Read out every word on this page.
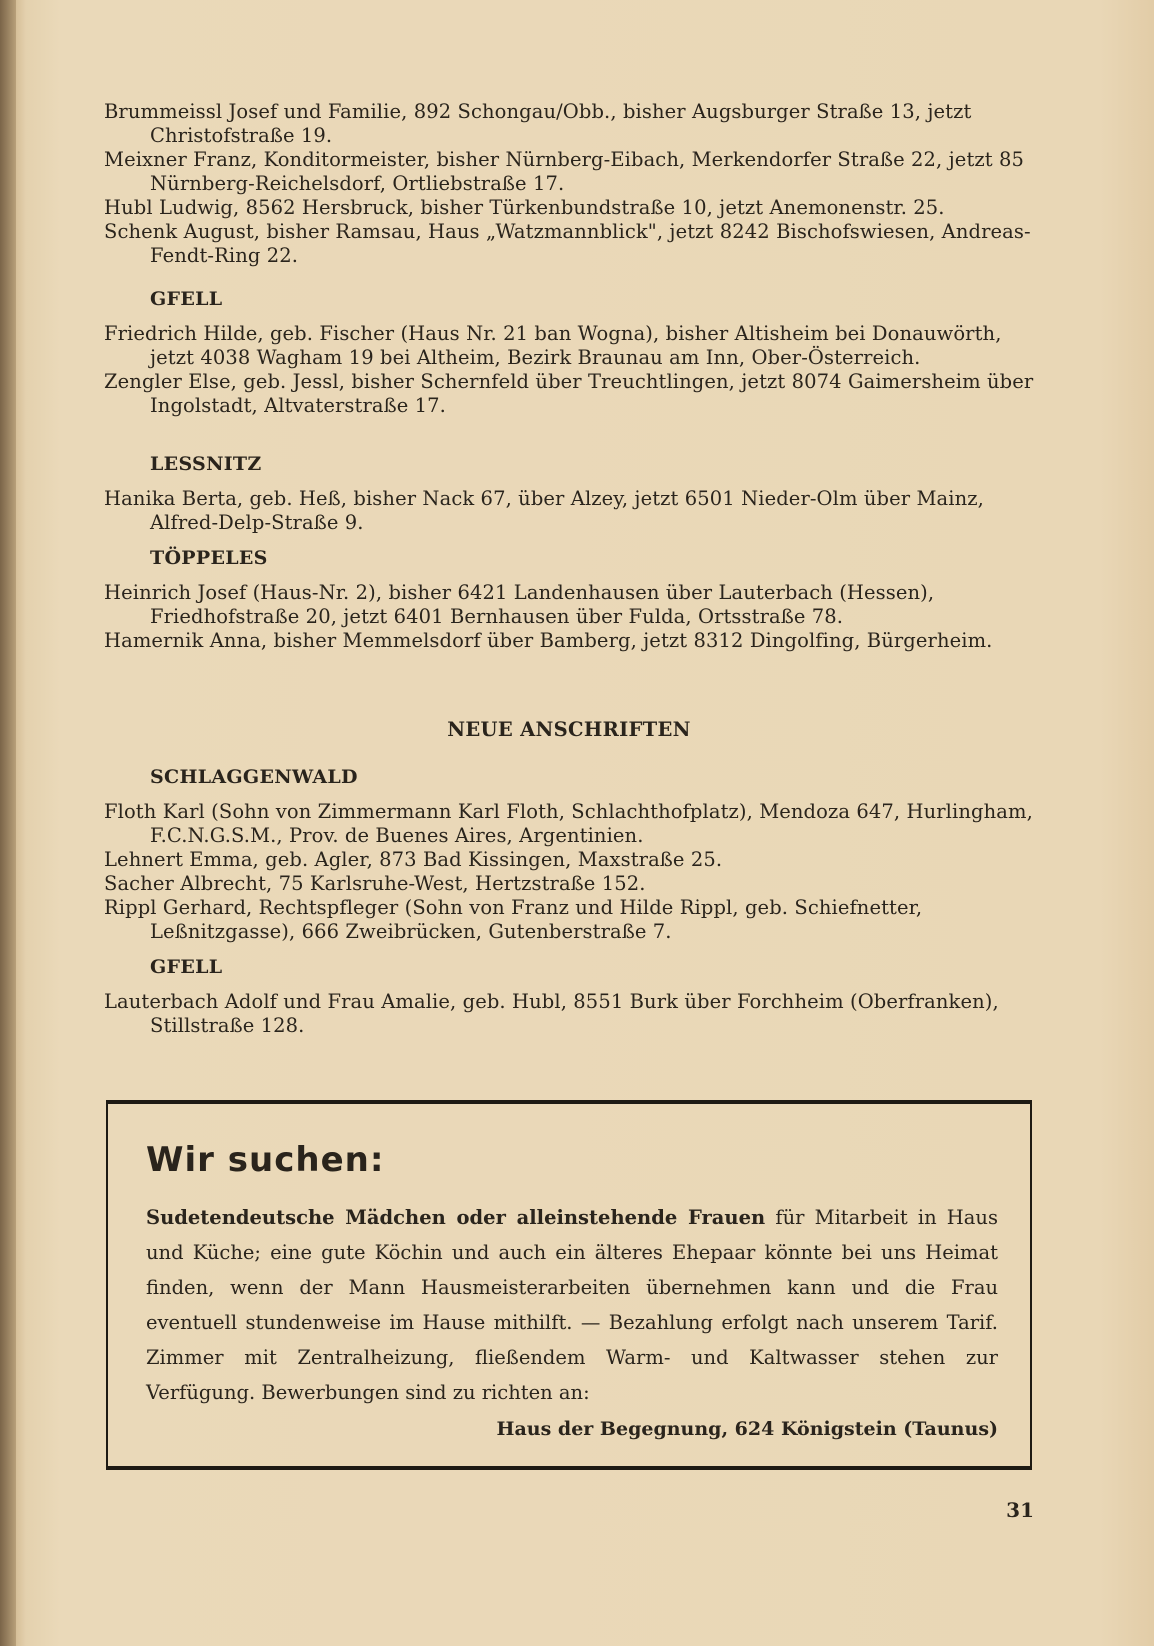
Brummeissl Josef und Familie, 892 Schongau/Obb., bisher Augsburger Straße 13, jetzt Christofstraße 19.

Meixner Franz, Konditormeister, bisher Nürnberg-Eibach, Merkendorfer Straße 22, jetzt 85 Nürnberg-Reichelsdorf, Ortliebstraße 17.

Hubl Ludwig, 8562 Hersbruck, bisher Türkenbundstraße 10, jetzt Anemonenstr. 25.

Schenk August, bisher Ramsau, Haus „Watzmannblick", jetzt 8242 Bischofswiesen, Andreas-Fendt-Ring 22.

GFELL

Friedrich Hilde, geb. Fischer (Haus Nr. 21 ban Wogna), bisher Altisheim bei Donauwörth, jetzt 4038 Wagham 19 bei Altheim, Bezirk Braunau am Inn, Ober-Österreich.

Zengler Else, geb. Jessl, bisher Schernfeld über Treuchtlingen, jetzt 8074 Gaimersheim über Ingolstadt, Altvaterstraße 17.

LESSNITZ

Hanika Berta, geb. Heß, bisher Nack 67, über Alzey, jetzt 6501 Nieder-Olm über Mainz, Alfred-Delp-Straße 9.

TÖPPELES

Heinrich Josef (Haus-Nr. 2), bisher 6421 Landenhausen über Lauterbach (Hessen), Friedhofstraße 20, jetzt 6401 Bernhausen über Fulda, Ortsstraße 78.

Hamernik Anna, bisher Memmelsdorf über Bamberg, jetzt 8312 Dingolfing, Bürgerheim.

NEUE ANSCHRIFTEN

SCHLAGGENWALD

Floth Karl (Sohn von Zimmermann Karl Floth, Schlachthofplatz), Mendoza 647, Hurlingham, F.C.N.G.S.M., Prov. de Buenes Aires, Argentinien.

Lehnert Emma, geb. Agler, 873 Bad Kissingen, Maxstraße 25.

Sacher Albrecht, 75 Karlsruhe-West, Hertzstraße 152.

Rippl Gerhard, Rechtspfleger (Sohn von Franz und Hilde Rippl, geb. Schiefnetter, Leßnitzgasse), 666 Zweibrücken, Gutenberstraße 7.

GFELL

Lauterbach Adolf und Frau Amalie, geb. Hubl, 8551 Burk über Forchheim (Oberfranken), Stillstraße 128.

Wir suchen:

Sudetendeutsche Mädchen oder alleinstehende Frauen für Mitarbeit in Haus und Küche; eine gute Köchin und auch ein älteres Ehepaar könnte bei uns Heimat finden, wenn der Mann Hausmeisterarbeiten übernehmen kann und die Frau eventuell stundenweise im Hause mithilft. — Bezahlung erfolgt nach unserem Tarif. Zimmer mit Zentralheizung, fließendem Warm- und Kaltwasser stehen zur Verfügung. Bewerbungen sind zu richten an:

Haus der Begegnung, 624 Königstein (Taunus)

31
